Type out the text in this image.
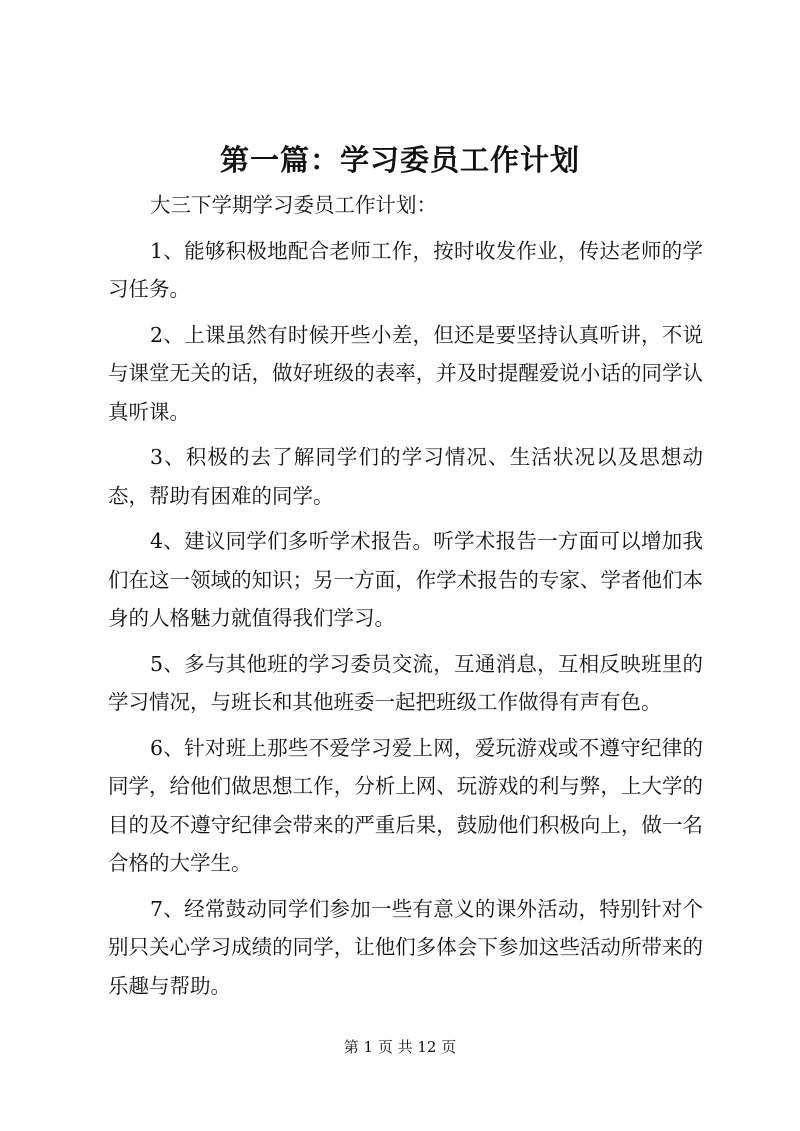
第一篇：学习委员工作计划

大三下学期学习委员工作计划：

1、能够积极地配合老师工作，按时收发作业，传达老师的学习任务。

2、上课虽然有时候开些小差，但还是要坚持认真听讲，不说与课堂无关的话，做好班级的表率，并及时提醒爱说小话的同学认真听课。

3、积极的去了解同学们的学习情况、生活状况以及思想动态，帮助有困难的同学。

4、建议同学们多听学术报告。听学术报告一方面可以增加我们在这一领域的知识；另一方面，作学术报告的专家、学者他们本身的人格魅力就值得我们学习。

5、多与其他班的学习委员交流，互通消息，互相反映班里的学习情况，与班长和其他班委一起把班级工作做得有声有色。

6、针对班上那些不爱学习爱上网，爱玩游戏或不遵守纪律的同学，给他们做思想工作，分析上网、玩游戏的利与弊，上大学的目的及不遵守纪律会带来的严重后果，鼓励他们积极向上，做一名合格的大学生。

7、经常鼓动同学们参加一些有意义的课外活动，特别针对个别只关心学习成绩的同学，让他们多体会下参加这些活动所带来的乐趣与帮助。

第 1 页 共 12 页
